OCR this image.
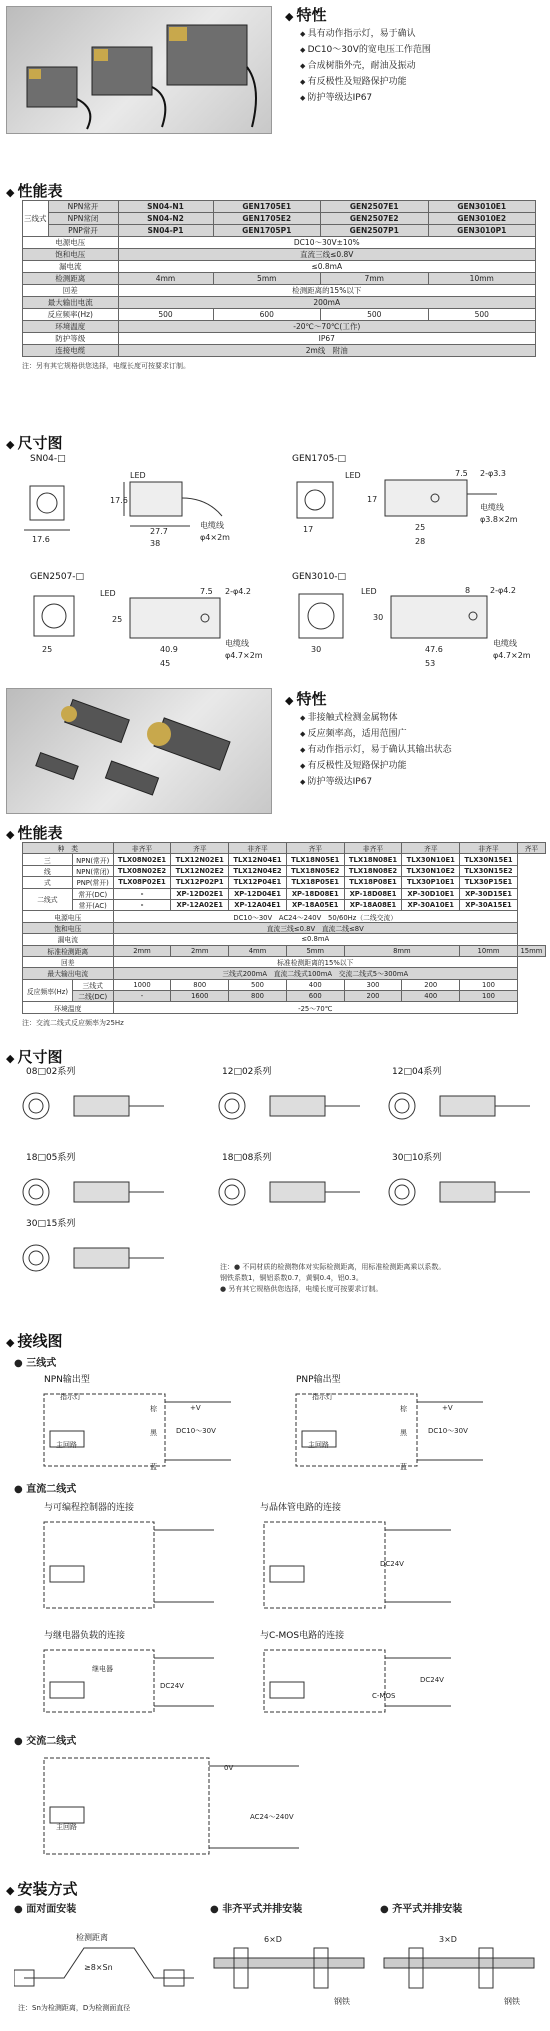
◆ 特性
◆ 具有动作指示灯，易于确认
◆ DC10～30V的宽电压工作范围
◆ 合成树脂外壳，耐油及振动
◆ 有反极性及短路保护功能
◆ 防护等级达IP67
◆ 性能表
三线式	NPN常开	SN04-N1	GEN1705E1	GEN2507E1	GEN3010E1
	NPN常闭	SN04-N2	GEN1705E2	GEN2507E2	GEN3010E2
	PNP常开	SN04-P1	GEN1705P1	GEN2507P1	GEN3010P1
电源电压		DC10～30V±10%			
饱和电压		直流三线≤0.8V			
漏电流		≤0.8mA			
检测距离		4mm	5mm	7mm	10mm
回差		检测距离的15%以下			
最大输出电流		200mA			
反应频率(Hz)		500	600	500	500
环境温度		-20℃～70℃(工作)			
防护等级		IP67			
连接电缆		2m线　附油			
注：另有其它规格供您选择，电缆长度可按要求订制。
◆ 尺寸图
SN04-□	GEN1705-□
GEN2507-□	GEN3010-□
17.6
17.6
27.7
38
LED
电缆线
φ4×2m
17
17
25
28
7.5 2-φ3.3
LED
电缆线
φ3.8×2m
25
25
40.9
45
7.5 2-φ4.2
LED
电缆线
φ4.7×2m
30
30
47.6
53
8 2-φ4.2
LED
电缆线
φ4.7×2m
◆ 特性
◆ 非接触式检测金属物体
◆ 反应频率高，适用范围广
◆ 有动作指示灯，易于确认其输出状态
◆ 有反极性及短路保护功能
◆ 防护等级达IP67
◆ 性能表
种　类		非齐平	齐平	非齐平	齐平	非齐平	齐平	非齐平	齐平
三	NPN(常开)	TLX08N02E1	TLX12N02E1	TLX12N04E1	TLX18N05E1	TLX18N08E1	TLX30N10E1	TLX30N15E1	
线	NPN(常闭)	TLX08N02E2	TLX12N02E2	TLX12N04E2	TLX18N05E2	TLX18N08E2	TLX30N10E2	TLX30N15E2	
式	PNP(常开)	TLX08P02E1	TLX12P02P1	TLX12P04E1	TLX18P05E1	TLX18P08E1	TLX30P10E1	TLX30P15E1	
二线式	常开(DC)	-	XP-12D02E1	XP-12D04E1	XP-18D08E1	XP-18D08E1	XP-30D10E1	XP-30D15E1	
	常开(AC)	-	XP-12A02E1	XP-12A04E1	XP-18A05E1	XP-18A08E1	XP-30A10E1	XP-30A15E1	
电源电压		DC10～30V　AC24～240V　50/60Hz（二线交流）							
饱和电压		直流三线≤0.8V　直流二线≤8V							
漏电流		≤0.8mA							
标准检测距离		2mm	2mm	4mm	5mm	8mm		10mm	15mm
回差		标准检测距离的15%以下							
最大输出电流		三线式200mA　直流二线式100mA　交流二线式5～300mA							
反应频率(Hz)	三线式	1000	800	500	400	300	200	100	
	二线(DC)	-	1600	800	600	200	400	100	
环境温度		-25～70℃							
注：交流二线式反应频率为25Hz
◆ 尺寸图
08□02系列	12□02系列	12□04系列
18□05系列	18□08系列	30□10系列
30□15系列
注：● 不同材质的检测物体对实际检测距离，用标准检测距离乘以系数。
钢铁系数1，铜铝系数0.7，黄铜0.4，铝0.3。
● 另有其它规格供您选择，电缆长度可按要求订制。
◆ 接线图
● 三线式
NPN输出型	PNP输出型
● 直流二线式
与可编程控制器的连接	与晶体管电路的连接
与继电器负载的连接	与C-MOS电路的连接
● 交流二线式
指示灯
主回路
+V
DC10～30V
棕
黑
蓝
指示灯
主回路
+V
DC10～30V
棕
黑
蓝
DC24V
继电器
DC24V
C-MOS
DC24V
主回路
AC24～240V
0V
◆ 安装方式
● 面对面安装	● 非齐平式并排安装	● 齐平式并排安装
检测距离
≥8×Sn
注：Sn为检测距离，D为检测面直径
6×D
钢铁
3×D
钢铁
